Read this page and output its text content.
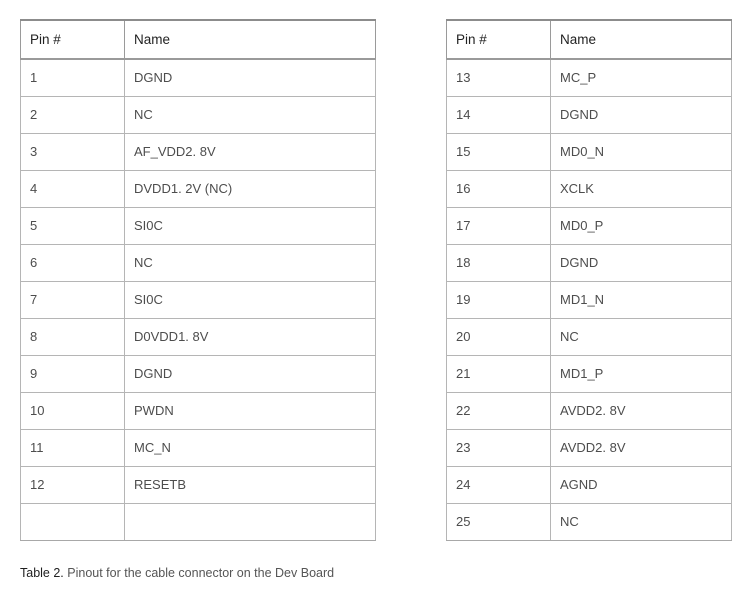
Pin #	Name
1	DGND
2	NC
3	AF_VDD2. 8V
4	DVDD1. 2V (NC)
5	SI0C
6	NC
7	SI0C
8	D0VDD1. 8V
9	DGND
10	PWDN
11	MC_N
12	RESETB

Pin #	Name
13	MC_P
14	DGND
15	MD0_N
16	XCLK
17	MD0_P
18	DGND
19	MD1_N
20	NC
21	MD1_P
22	AVDD2. 8V
23	AVDD2. 8V
24	AGND
25	NC
Table 2. Pinout for the cable connector on the Dev Board
